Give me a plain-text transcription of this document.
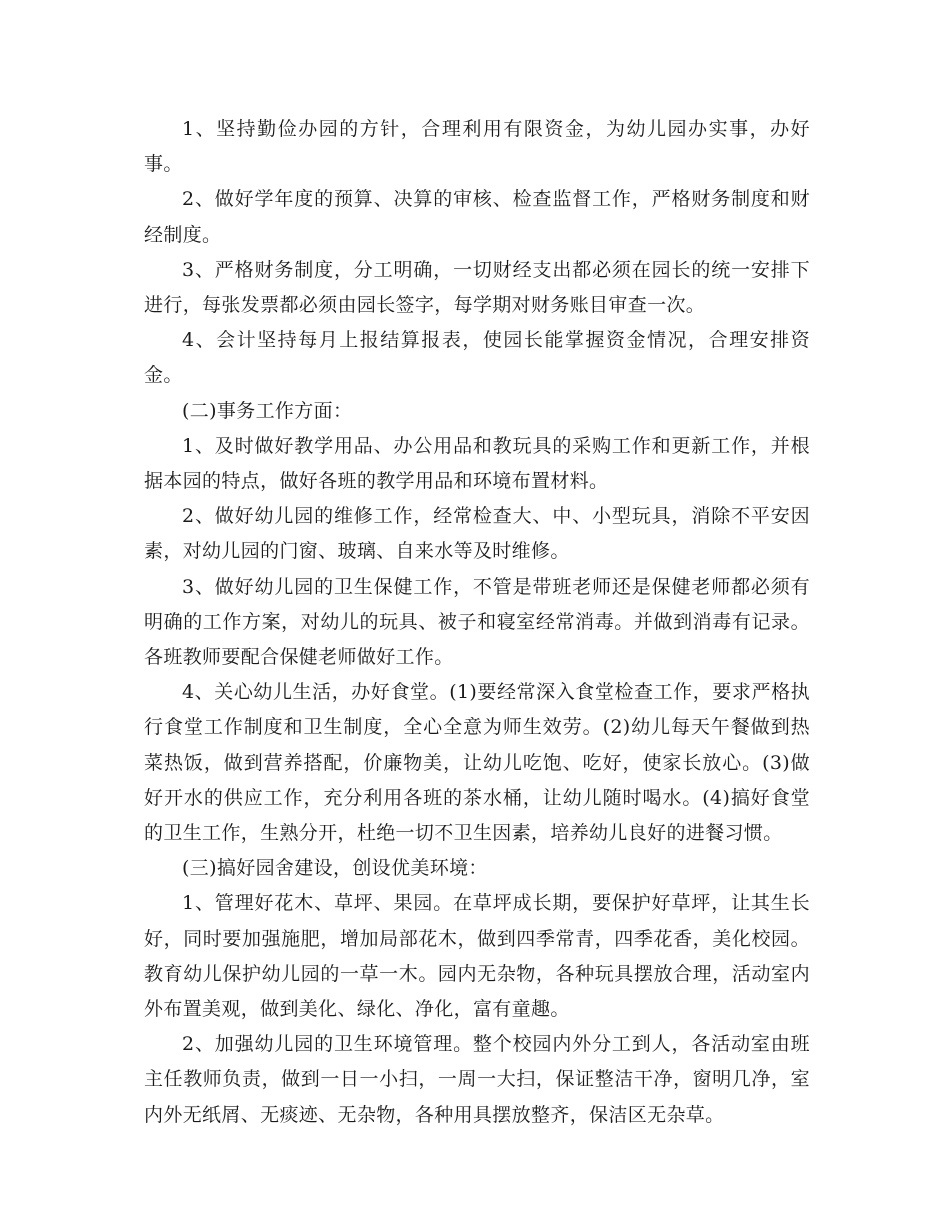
1、坚持勤俭办园的方针，合理利用有限资金，为幼儿园办实事，办好事。

2、做好学年度的预算、决算的审核、检查监督工作，严格财务制度和财经制度。

3、严格财务制度，分工明确，一切财经支出都必须在园长的统一安排下进行，每张发票都必须由园长签字，每学期对财务账目审查一次。

4、会计坚持每月上报结算报表，使园长能掌握资金情况，合理安排资金。

(二)事务工作方面：

1、及时做好教学用品、办公用品和教玩具的采购工作和更新工作，并根据本园的特点，做好各班的教学用品和环境布置材料。

2、做好幼儿园的维修工作，经常检查大、中、小型玩具，消除不平安因素，对幼儿园的门窗、玻璃、自来水等及时维修。

3、做好幼儿园的卫生保健工作，不管是带班老师还是保健老师都必须有明确的工作方案，对幼儿的玩具、被子和寝室经常消毒。并做到消毒有记录。各班教师要配合保健老师做好工作。

4、关心幼儿生活，办好食堂。(1)要经常深入食堂检查工作，要求严格执行食堂工作制度和卫生制度，全心全意为师生效劳。(2)幼儿每天午餐做到热菜热饭，做到营养搭配，价廉物美，让幼儿吃饱、吃好，使家长放心。(3)做好开水的供应工作，充分利用各班的茶水桶，让幼儿随时喝水。(4)搞好食堂的卫生工作，生熟分开，杜绝一切不卫生因素，培养幼儿良好的进餐习惯。

(三)搞好园舍建设，创设优美环境：

1、管理好花木、草坪、果园。在草坪成长期，要保护好草坪，让其生长好，同时要加强施肥，增加局部花木，做到四季常青，四季花香，美化校园。教育幼儿保护幼儿园的一草一木。园内无杂物，各种玩具摆放合理，活动室内外布置美观，做到美化、绿化、净化，富有童趣。

2、加强幼儿园的卫生环境管理。整个校园内外分工到人，各活动室由班主任教师负责，做到一日一小扫，一周一大扫，保证整洁干净，窗明几净，室内外无纸屑、无痰迹、无杂物，各种用具摆放整齐，保洁区无杂草。
